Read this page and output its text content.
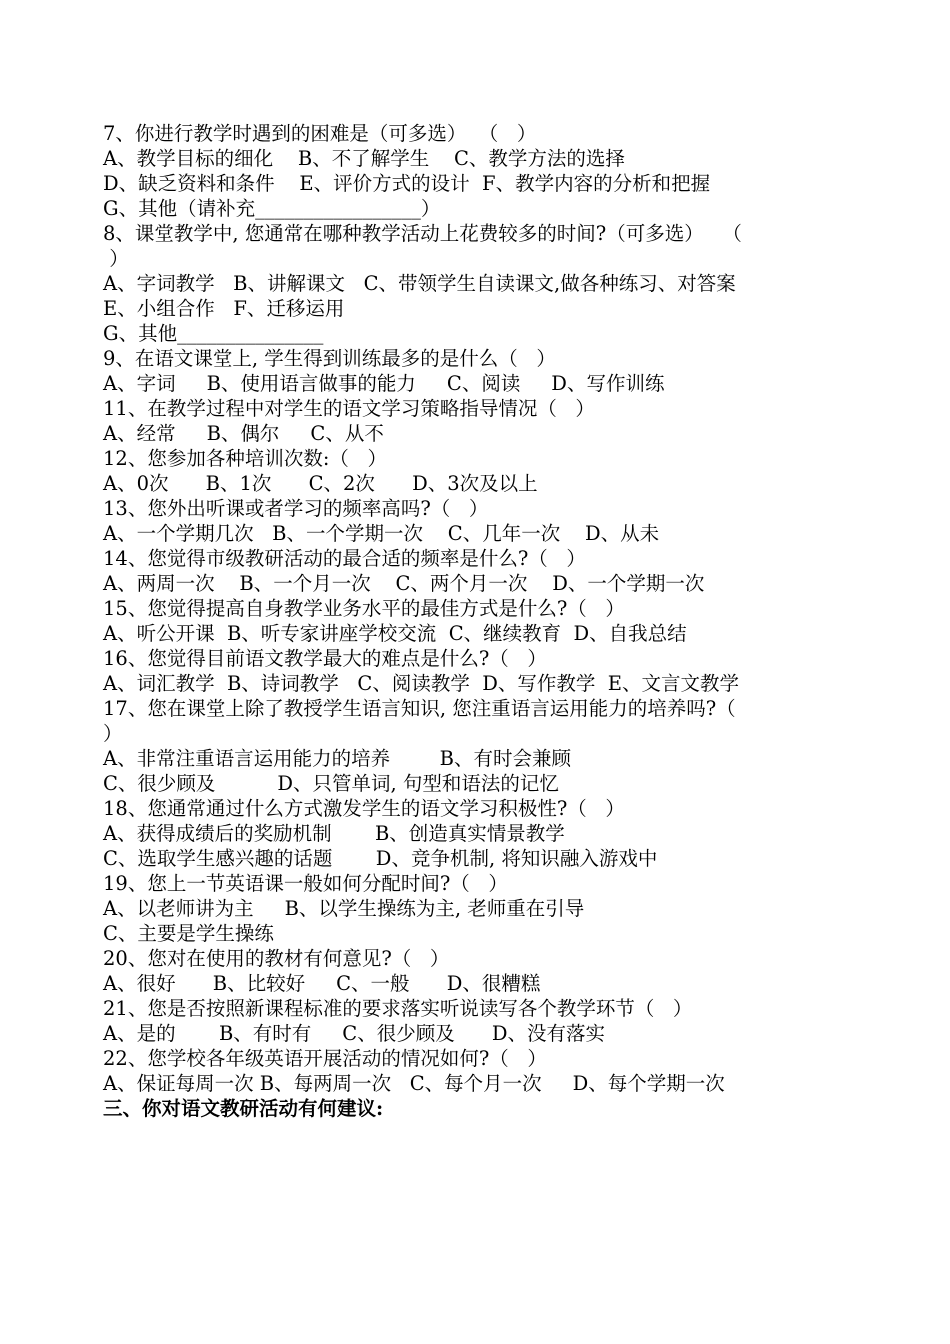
7、你进行教学时遇到的困难是（可多选）  （   ）
A、教学目标的细化    B、不了解学生    C、教学方法的选择
D、缺乏资料和条件    E、评价方式的设计  F、教学内容的分析和把握
G、其他（请补充_________________）
8、课堂教学中, 您通常在哪种教学活动上花费较多的时间?（可多选）   （
）
A、字词教学   B、讲解课文   C、带领学生自读课文,做各种练习、对答案
E、小组合作   F、迁移运用
G、其他_______________
9、在语文课堂上, 学生得到训练最多的是什么（   ）
A、字词     B、使用语言做事的能力     C、阅读     D、写作训练
11、在教学过程中对学生的语文学习策略指导情况（   ）
A、经常     B、偶尔     C、从不
12、您参加各种培训次数:（   ）
A、0次      B、1次      C、2次      D、3次及以上
13、您外出听课或者学习的频率高吗?（   ）
A、一个学期几次   B、一个学期一次    C、几年一次    D、从未
14、您觉得市级教研活动的最合适的频率是什么?（   ）
A、两周一次    B、一个月一次    C、两个月一次    D、一个学期一次
15、您觉得提高自身教学业务水平的最佳方式是什么?（   ）
A、听公开课  B、听专家讲座学校交流  C、继续教育  D、自我总结
16、您觉得目前语文教学最大的难点是什么?（   ）
A、词汇教学  B、诗词教学   C、阅读教学  D、写作教学  E、文言文教学
17、您在课堂上除了教授学生语言知识, 您注重语言运用能力的培养吗?（
）
A、非常注重语言运用能力的培养        B、有时会兼顾
C、很少顾及          D、只管单词, 句型和语法的记忆
18、您通常通过什么方式激发学生的语文学习积极性?（   ）
A、获得成绩后的奖励机制       B、创造真实情景教学
C、选取学生感兴趣的话题       D、竞争机制, 将知识融入游戏中
19、您上一节英语课一般如何分配时间?（   ）
A、以老师讲为主     B、以学生操练为主, 老师重在引导
C、主要是学生操练
20、您对在使用的教材有何意见?（   ）
A、很好      B、比较好     C、一般      D、很糟糕
21、您是否按照新课程标准的要求落实听说读写各个教学环节（   ）
A、是的       B、有时有     C、很少顾及      D、没有落实
22、您学校各年级英语开展活动的情况如何?（   ）
A、保证每周一次 B、每两周一次   C、每个月一次     D、每个学期一次
三、你对语文教研活动有何建议:
